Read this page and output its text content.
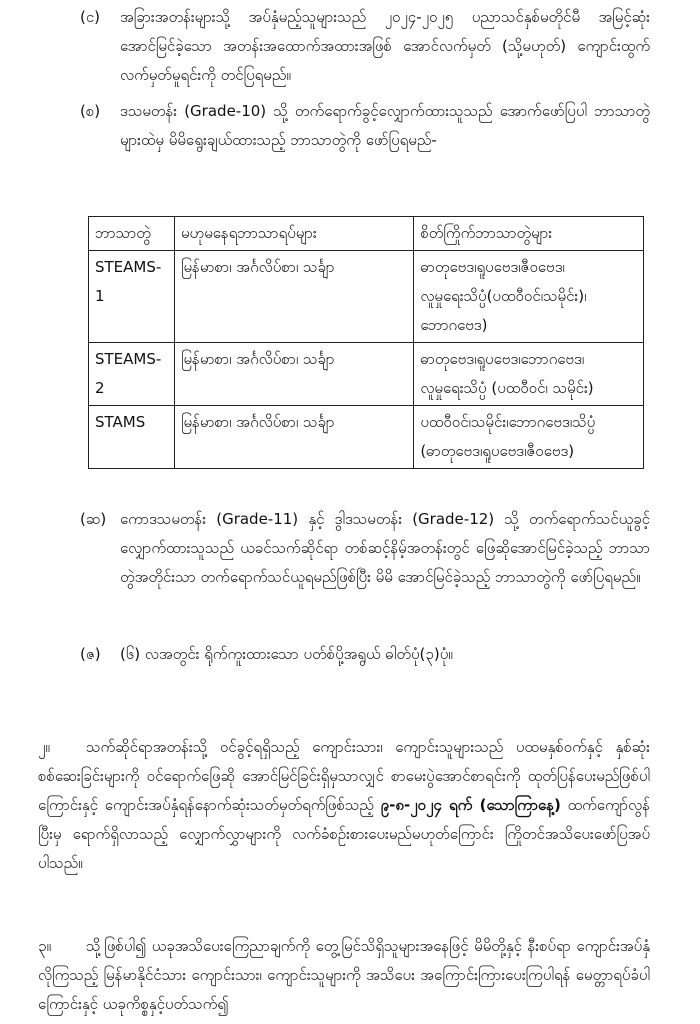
(င)	အခြားအတန်းများသို့ အပ်နှံမည့်သူများသည် ၂၀၂၄-၂၀၂၅ ပညာသင်နှစ်မတိုင်မီ အမြင့်ဆုံးအောင်မြင်ခဲ့သော အတန်းအထောက်အထားအဖြစ် အောင်လက်မှတ် (သို့မဟုတ်) ကျောင်းထွက်လက်မှတ်မူရင်းကို တင်ပြရမည်။
(စ)	ဒသမတန်း (Grade-10) သို့ တက်ရောက်ခွင့်လျှောက်ထားသူသည် အောက်ဖော်ပြပါ ဘာသာတွဲများထဲမှ မိမိရွေးချယ်ထားသည့် ဘာသာတွဲကို ဖော်ပြရမည်-
ဘာသာတွဲ	မဟုမနေရဘာသာရပ်များ	စိတ်ကြိုက်ဘာသာတွဲများ
STEAMS-1	မြန်မာစာ၊ အင်္ဂလိပ်စာ၊ သင်္ချာ	ဓာတုဗေဒ၊ရူပဗေဒ၊ဇီဝဗေဒ၊ လူမှုရေးသိပ္ပံ(ပထဝီဝင်၊သမိုင်း)၊ ဘောဂဗေဒ)
STEAMS-2	မြန်မာစာ၊ အင်္ဂလိပ်စာ၊ သင်္ချာ	ဓာတုဗေဒ၊ရူပဗေဒ၊ဘောဂဗေဒ၊ လူမှုရေးသိပ္ပံ (ပထဝီဝင်၊ သမိုင်း)
STAMS	မြန်မာစာ၊ အင်္ဂလိပ်စာ၊ သင်္ချာ	ပထဝီဝင်၊သမိုင်း၊ဘောဂဗေဒ၊သိပ္ပံ (ဓာတုဗေဒ၊ရူပဗေဒ၊ဇီဝဗေဒ)
(ဆ) ကောဒသမတန်း (Grade-11) နှင့် ဒွါဒသမတန်း (Grade-12) သို့ တက်ရောက်သင်ယူခွင့်လျှောက်ထားသူသည် ယခင်သက်ဆိုင်ရာ တစ်ဆင့်နိမ့်အတန်းတွင် ဖြေဆိုအောင်မြင်ခဲ့သည့် ဘာသာတွဲအတိုင်းသာ တက်ရောက်သင်ယူရမည်ဖြစ်ပြီး မိမိ အောင်မြင်ခဲ့သည့် ဘာသာတွဲကို ဖော်ပြရမည်။
(ဇ)	(၆) လအတွင်း ရိုက်ကူးထားသော ပတ်စ်ပို့အရွယ် ဓါတ်ပုံ(၃)ပုံ။
၂။	သက်ဆိုင်ရာအတန်းသို့ ဝင်ခွင့်ရရှိသည့် ကျောင်းသား၊ ကျောင်းသူများသည် ပထမနှစ်ဝက်နှင့် နှစ်ဆုံးစစ်ဆေးခြင်းများကို ဝင်ရောက်ဖြေဆို အောင်မြင်ခြင်းရှိမှသာလျှင် စာမေးပွဲအောင်စာရင်းကို ထုတ်ပြန်ပေးမည်ဖြစ်ပါကြောင်းနှင့် ကျောင်းအပ်နှံရန်နောက်ဆုံးသတ်မှတ်ရက်ဖြစ်သည့် ၉-၈-၂၀၂၄ ရက် (သောကြာနေ့) ထက်ကျော်လွန်ပြီးမှ ရောက်ရှိလာသည့် လျှောက်လွှာများကို လက်ခံစဉ်းစားပေးမည်မဟုတ်ကြောင်း ကြိုတင်အသိပေးဖော်ပြအပ်ပါသည်။
၃။	သို့ဖြစ်ပါ၍ ယခုအသိပေးကြေညာချက်ကို တွေ့မြင်သိရှိသူများအနေဖြင့် မိမိတို့နှင့် နီးစပ်ရာ ကျောင်းအပ်နှံလိုကြသည့် မြန်မာနိုင်ငံသား ကျောင်းသား၊ ကျောင်းသူများကို အသိပေး အကြောင်းကြားပေးကြပါရန် မေတ္တာရပ်ခံပါကြောင်းနှင့် ယခုကိစ္စနှင့်ပတ်သက်၍
